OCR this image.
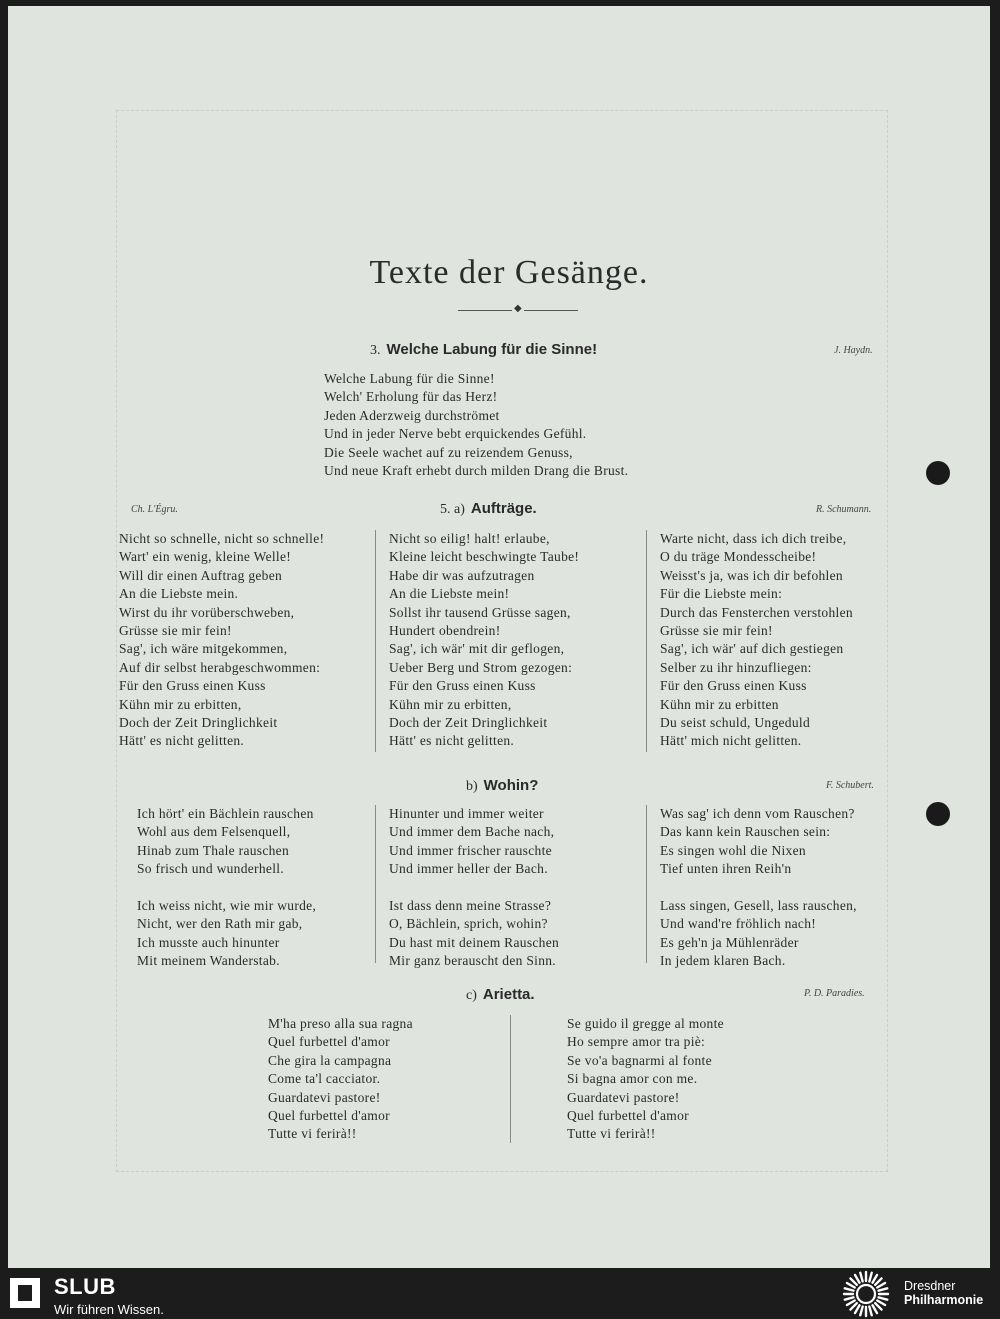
Texte der Gesänge.
◆
3. Welche Labung für die Sinne!	J. Haydn.
Welche Labung für die Sinne!
Welch' Erholung für das Herz!
Jeden Aderzweig durchströmet
Und in jeder Nerve bebt erquickendes Gefühl.
Die Seele wachet auf zu reizendem Genuss,
Und neue Kraft erhebt durch milden Drang die Brust.
Ch. L'Égru.	5. a) Aufträge.	R. Schumann.
Nicht so schnelle, nicht so schnelle!
Wart' ein wenig, kleine Welle!
Will dir einen Auftrag geben
An die Liebste mein.
Wirst du ihr vorüberschweben,
Grüsse sie mir fein!
Sag', ich wäre mitgekommen,
Auf dir selbst herabgeschwommen:
Für den Gruss einen Kuss
Kühn mir zu erbitten,
Doch der Zeit Dringlichkeit
Hätt' es nicht gelitten.
Nicht so eilig! halt! erlaube,
Kleine leicht beschwingte Taube!
Habe dir was aufzutragen
An die Liebste mein!
Sollst ihr tausend Grüsse sagen,
Hundert obendrein!
Sag', ich wär' mit dir geflogen,
Ueber Berg und Strom gezogen:
Für den Gruss einen Kuss
Kühn mir zu erbitten,
Doch der Zeit Dringlichkeit
Hätt' es nicht gelitten.
Warte nicht, dass ich dich treibe,
O du träge Mondesscheibe!
Weisst's ja, was ich dir befohlen
Für die Liebste mein:
Durch das Fensterchen verstohlen
Grüsse sie mir fein!
Sag', ich wär' auf dich gestiegen
Selber zu ihr hinzufliegen:
Für den Gruss einen Kuss
Kühn mir zu erbitten
Du seist schuld, Ungeduld
Hätt' mich nicht gelitten.
b) Wohin?	F. Schubert.
Ich hört' ein Bächlein rauschen
Wohl aus dem Felsenquell,
Hinab zum Thale rauschen
So frisch und wunderhell.

Ich weiss nicht, wie mir wurde,
Nicht, wer den Rath mir gab,
Ich musste auch hinunter
Mit meinem Wanderstab.
Hinunter und immer weiter
Und immer dem Bache nach,
Und immer frischer rauschte
Und immer heller der Bach.

Ist dass denn meine Strasse?
O, Bächlein, sprich, wohin?
Du hast mit deinem Rauschen
Mir ganz berauscht den Sinn.
Was sag' ich denn vom Rauschen?
Das kann kein Rauschen sein:
Es singen wohl die Nixen
Tief unten ihren Reih'n

Lass singen, Gesell, lass rauschen,
Und wand're fröhlich nach!
Es geh'n ja Mühlenräder
In jedem klaren Bach.
c) Arietta.	P. D. Paradies.
M'ha preso alla sua ragna
Quel furbettel d'amor
Che gira la campagna
Come ta'l cacciator.
Guardatevi pastore!
Quel furbettel d'amor
Tutte vi ferirà!!
Se guido il gregge al monte
Ho sempre amor tra piè:
Se vo'a bagnarmi al fonte
Si bagna amor con me.
Guardatevi pastore!
Quel furbettel d'amor
Tutte vi ferirà!!
SLUB
Wir führen Wissen.
Dresdner
Philharmonie
